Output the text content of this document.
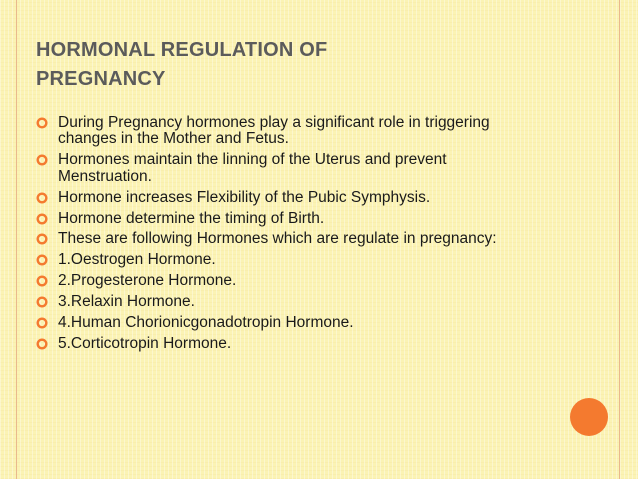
HORMONAL REGULATION OF PREGNANCY
During Pregnancy hormones play a significant role in triggering changes in the Mother and Fetus.
Hormones maintain the linning of the Uterus and prevent Menstruation.
Hormone increases Flexibility of the Pubic Symphysis.
Hormone determine the timing of Birth.
These are following Hormones which are regulate in pregnancy:
1.Oestrogen Hormone.
2.Progesterone Hormone.
3.Relaxin Hormone.
4.Human Chorionicgonadotropin Hormone.
5.Corticotropin Hormone.
